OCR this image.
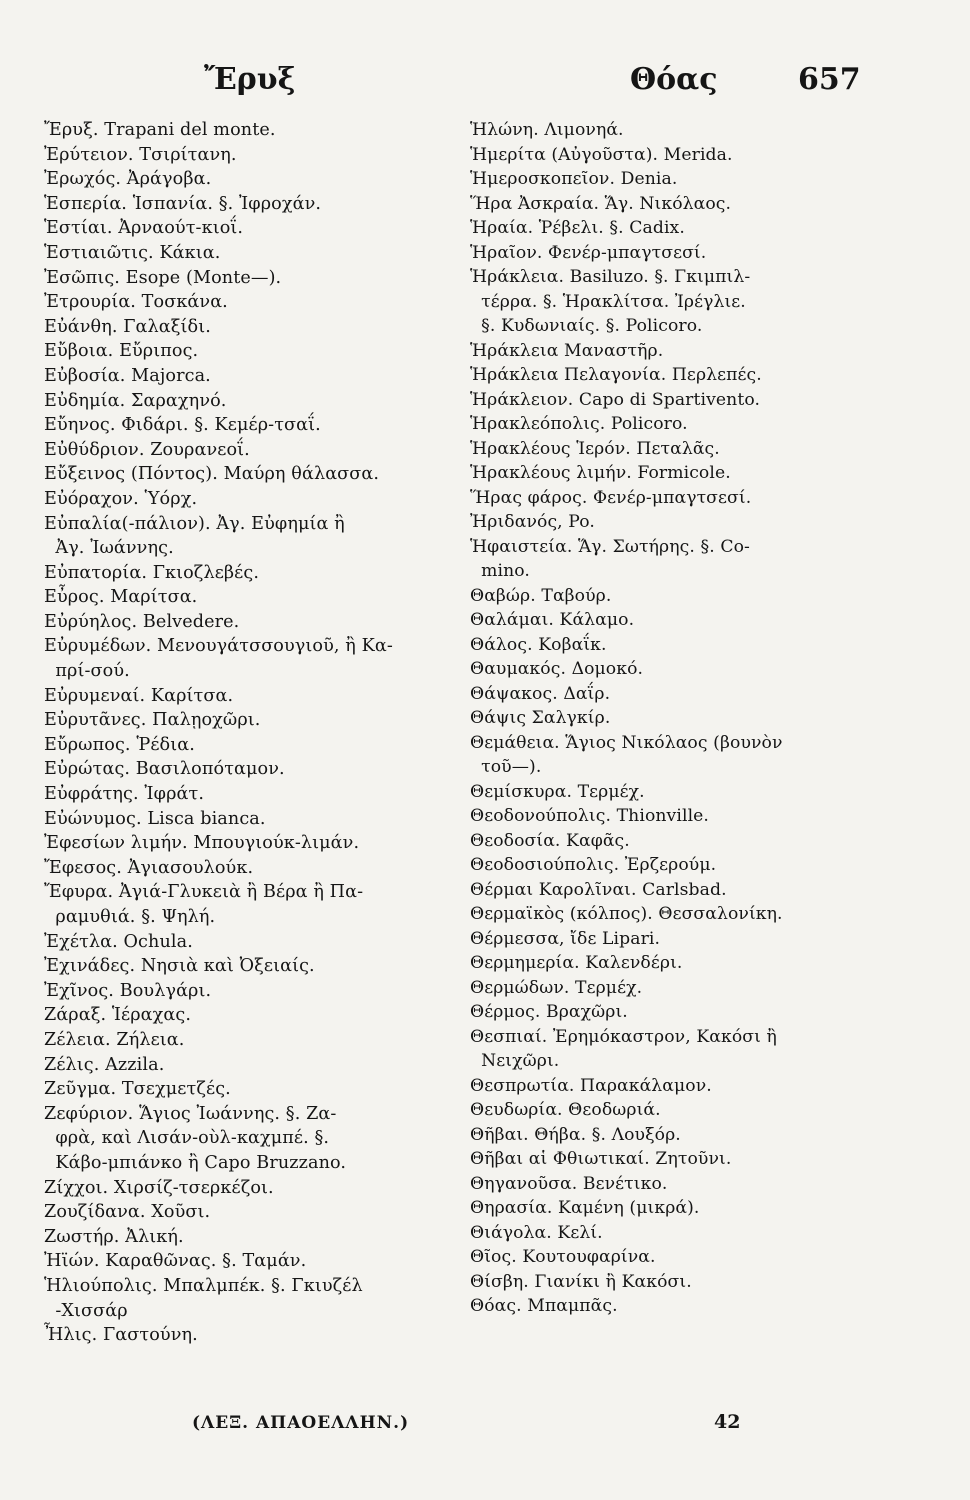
Ἔρυξ	Θόας	657
Ἔρυξ. Trapani del monte.
Ἐρύτειον. Τσιρίτανη.
Ἐρωχός. Ἀράγοβα.
Ἑσπερία. Ἱσπανία. §. Ἰφροχάν.
Ἑστίαι. Ἀρναούτ-κιοΐ.
Ἑστιαιῶτις. Κάκια.
Ἐσῶπις. Esope (Monte—).
Ἐτρουρία. Τοσκάνα.
Εὐάνθη. Γαλαξίδι.
Εὔβοια. Εὔριπος.
Εὐβοσία. Majorca.
Εὐδημία. Σαραχηνό.
Εὔηνος. Φιδάρι. §. Κεμέρ-τσαΐ.
Εὐθύδριον. Ζουρανεοΐ.
Εὔξεινος (Πόντος). Μαύρη θάλασσα.
Εὐόραχον. Ὑόρχ.
Εὐπαλία(-πάλιον). Ἀγ. Εὐφημία ἢ
Ἀγ. Ἰωάννης.
Εὐπατορία. Γκιοζλεβές.
Εὖρος. Μαρίτσα.
Εὐρύηλος. Belvedere.
Εὐρυμέδων. Μενουγάτσσουγιοῦ, ἢ Κα-
πρί-σού.
Εὐρυμεναί. Καρίτσα.
Εὐρυτᾶνες. Παλῃοχῶρι.
Εὔρωπος. Ῥέδια.
Εὐρώτας. Βασιλοπόταμον.
Εὐφράτης. Ἰφράτ.
Εὐώνυμος. Lisca bianca.
Ἐφεσίων λιμήν. Μπουγιούκ-λιμάν.
Ἔφεσος. Ἀγιασουλούκ.
Ἔφυρα. Ἀγιά-Γλυκειὰ ἢ Βέρα ἢ Πα-
ραμυθιά. §. Ψηλή.
Ἐχέτλα. Ochula.
Ἐχινάδες. Νησιὰ καὶ Ὀξειαίς.
Ἐχῖνος. Βουλγάρι.
Ζάραξ. Ἱέραχας.
Ζέλεια. Ζήλεια.
Ζέλις. Azzila.
Ζεῦγμα. Τσεχμετζές.
Ζεφύριον. Ἅγιος Ἰωάννης. §. Ζα-
φρὰ, καὶ Λισάν-οὺλ-καχμπέ. §.
Κάβο-μπιάνκο ἢ Capo Bruzzano.
Ζίχχοι. Χιρσίζ-τσερκέζοι.
Ζουζίδανα. Χοῦσι.
Ζωστήρ. Ἀλική.
Ἠϊών. Καραθῶνας. §. Ταμάν.
Ἡλιούπολις. Μπαλμπέκ. §. Γκιυζέλ
-Χισσάρ
Ἦλις. Γαστούνη.
Ἡλώνη. Λιμονηά.
Ἡμερίτα (Αὐγοῦστα). Merida.
Ἡμεροσκοπεῖον. Denia.
Ἥρα Ἀσκραία. Ἅγ. Νικόλαος.
Ἡραία. Ῥέβελι. §. Cadix.
Ἡραῖον. Φενέρ-μπαγτσεσί.
Ἡράκλεια. Basiluzo. §. Γκιμπιλ-
τέρρα. §. Ἡρακλίτσα. Ἰρέγλιε.
§. Κυδωνιαίς. §. Policoro.
Ἡράκλεια Μαναστῆρ.
Ἡράκλεια Πελαγονία. Περλεπές.
Ἡράκλειον. Capo di Spartivento.
Ἡρακλεόπολις. Policoro.
Ἡρακλέους Ἱερόν. Πεταλᾶς.
Ἡρακλέους λιμήν. Formicole.
Ἥρας φάρος. Φενέρ-μπαγτσεσί.
Ἠριδανός, Po.
Ἡφαιστεία. Ἅγ. Σωτήρης. §. Co-
mino.
Θαβώρ. Ταβούρ.
Θαλάμαι. Κάλαμο.
Θάλος. Κοβαΐκ.
Θαυμακός. Δομοκό.
Θάψακος. Δαΐρ.
Θάψις Σαλγκίρ.
Θεμάθεια. Ἅγιος Νικόλαος (βουνὸν
τοῦ—).
Θεμίσκυρα. Τερμέχ.
Θεοδονούπολις. Thionville.
Θεοδοσία. Καφᾶς.
Θεοδοσιούπολις. Ἐρζερούμ.
Θέρμαι Καρολῖναι. Carlsbad.
Θερμαϊκὸς (κόλπος). Θεσσαλονίκη.
Θέρμεσσα, ἴδε Lipari.
Θερμημερία. Καλενδέρι.
Θερμώδων. Τερμέχ.
Θέρμος. Βραχῶρι.
Θεσπιαί. Ἐρημόκαστρον, Κακόσι ἢ
Νειχῶρι.
Θεσπρωτία. Παρακάλαμον.
Θευδωρία. Θεοδωριά.
Θῆβαι. Θήβα. §. Λουξόρ.
Θῆβαι αἱ Φθιωτικαί. Ζητοῦνι.
Θηγανοῦσα. Βενέτικο.
Θηρασία. Καμένη (μικρά).
Θιάγολα. Κελί.
Θῖος. Κουτουφαρίνα.
Θίσβη. Γιανίκι ἢ Κακόσι.
Θόας. Μπαμπᾶς.
(ΛΕΞ. ΑΠΑΟΕΛΛΗΝ.)	42
